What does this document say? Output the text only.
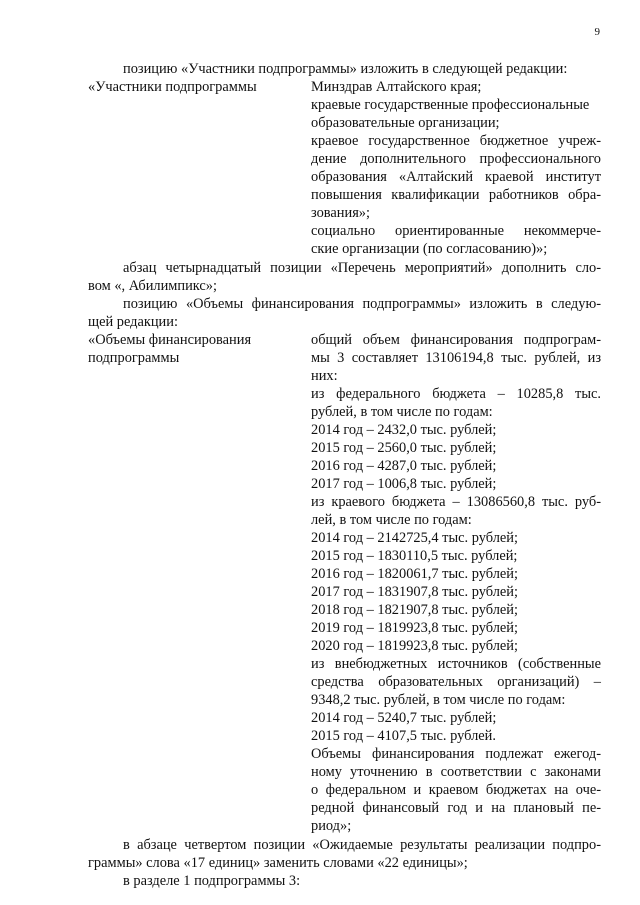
9
позицию «Участники подпрограммы» изложить в следующей редакции:
«Участники подпрограммы	Минздрав Алтайского края;
краевые государственные профессиональные
образовательные организации;
краевое государственное бюджетное учреж-
дение дополнительного профессионального
образования «Алтайский краевой институт
повышения квалификации работников обра-
зования»;
социально ориентированные некоммерче-
ские организации (по согласованию)»;
абзац четырнадцатый позиции «Перечень мероприятий» дополнить сло-
вом «, Абилимпикс»;
позицию «Объемы финансирования подпрограммы» изложить в следую-
щей редакции:
«Объемы финансирования
подпрограммы
общий объем финансирования подпрограм-
мы 3 составляет 13106194,8 тыс. рублей, из
них:
из федерального бюджета – 10285,8 тыс.
рублей, в том числе по годам:
2014 год – 2432,0 тыс. рублей;
2015 год – 2560,0 тыс. рублей;
2016 год – 4287,0 тыс. рублей;
2017 год – 1006,8 тыс. рублей;
из краевого бюджета – 13086560,8 тыс. руб-
лей, в том числе по годам:
2014 год – 2142725,4 тыс. рублей;
2015 год – 1830110,5 тыс. рублей;
2016 год – 1820061,7 тыс. рублей;
2017 год – 1831907,8 тыс. рублей;
2018 год – 1821907,8 тыс. рублей;
2019 год – 1819923,8 тыс. рублей;
2020 год – 1819923,8 тыс. рублей;
из внебюджетных источников (собственные
средства образовательных организаций) –
9348,2 тыс. рублей, в том числе по годам:
2014 год – 5240,7 тыс. рублей;
2015 год – 4107,5 тыс. рублей.
Объемы финансирования подлежат ежегод-
ному уточнению в соответствии с законами
о федеральном и краевом бюджетах на оче-
редной финансовый год и на плановый пе-
риод»;
в абзаце четвертом позиции «Ожидаемые результаты реализации подпро-
граммы» слова «17 единиц» заменить словами «22 единицы»;
в разделе 1 подпрограммы 3:
